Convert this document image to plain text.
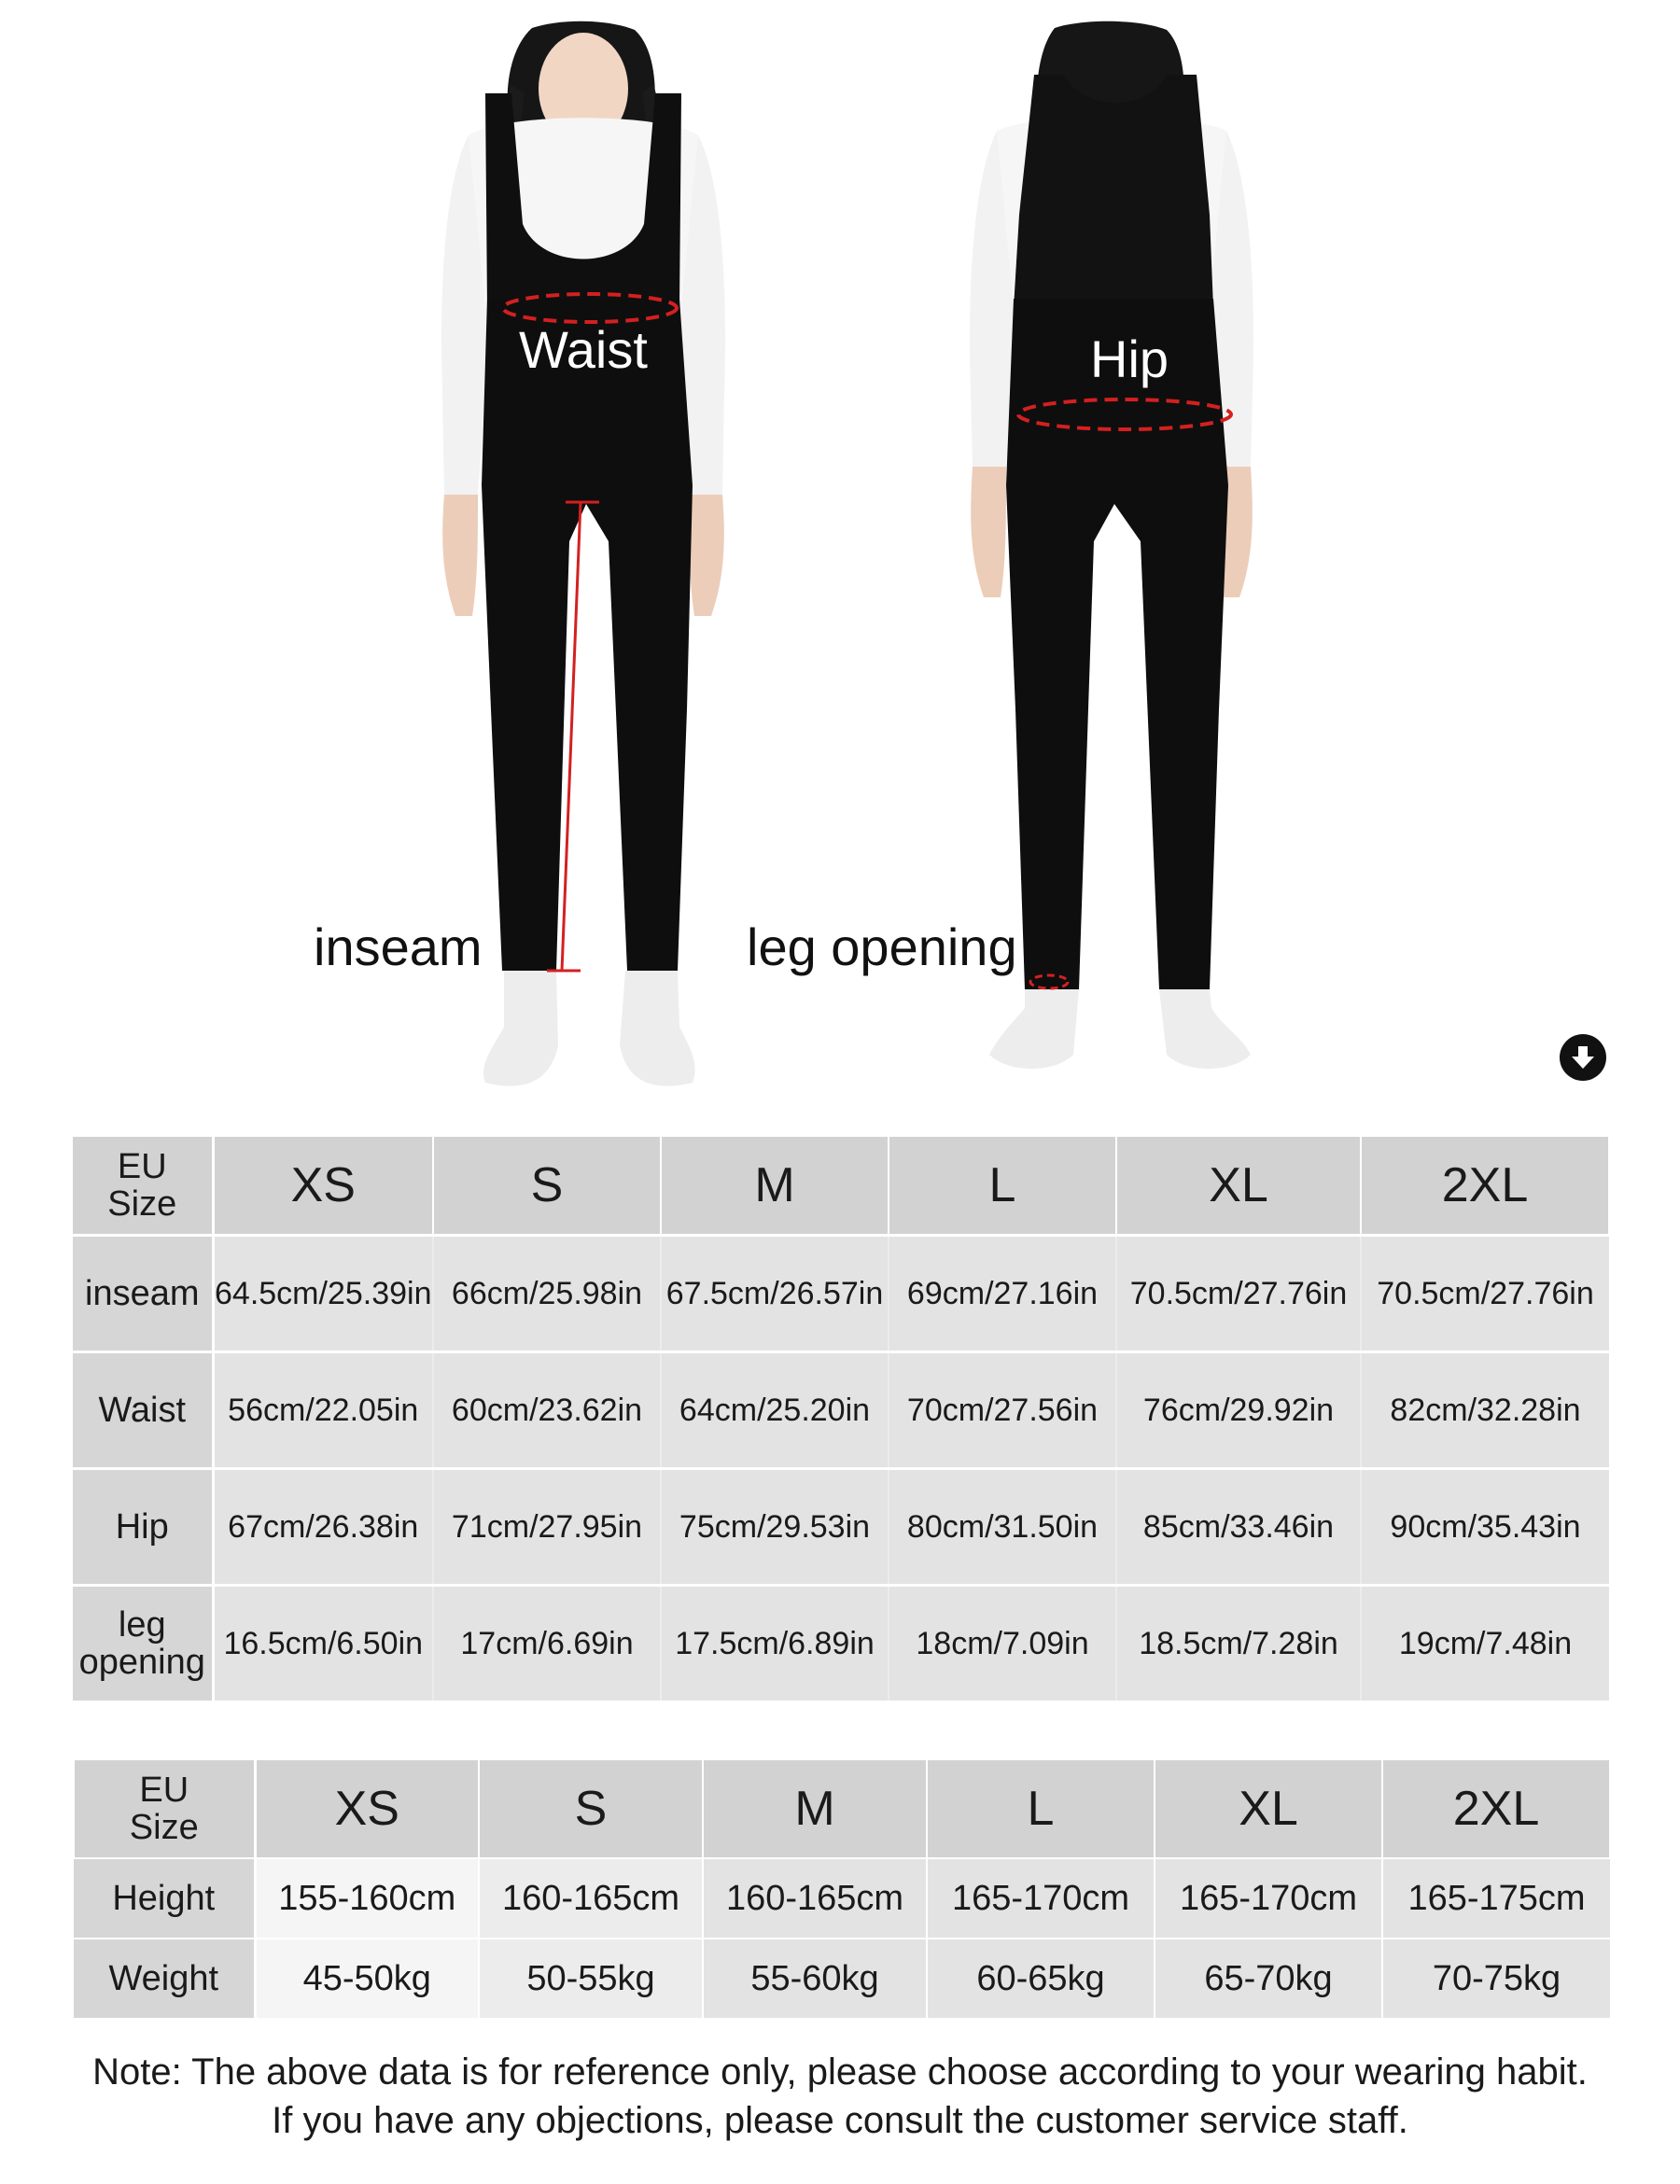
Waist	Hip
inseam	leg opening
EU
Size	XS	S	M	L	XL	2XL
inseam	64.5cm/25.39in	66cm/25.98in	67.5cm/26.57in	69cm/27.16in	70.5cm/27.76in	70.5cm/27.76in
Waist	56cm/22.05in	60cm/23.62in	64cm/25.20in	70cm/27.56in	76cm/29.92in	82cm/32.28in
Hip	67cm/26.38in	71cm/27.95in	75cm/29.53in	80cm/31.50in	85cm/33.46in	90cm/35.43in
leg
opening	16.5cm/6.50in	17cm/6.69in	17.5cm/6.89in	18cm/7.09in	18.5cm/7.28in	19cm/7.48in
EU
Size	XS	S	M	L	XL	2XL
Height	155-160cm	160-165cm	160-165cm	165-170cm	165-170cm	165-175cm
Weight	45-50kg	50-55kg	55-60kg	60-65kg	65-70kg	70-75kg
Note: The above data is for reference only, please choose according to your wearing habit.
If you have any objections, please consult the customer service staff.
